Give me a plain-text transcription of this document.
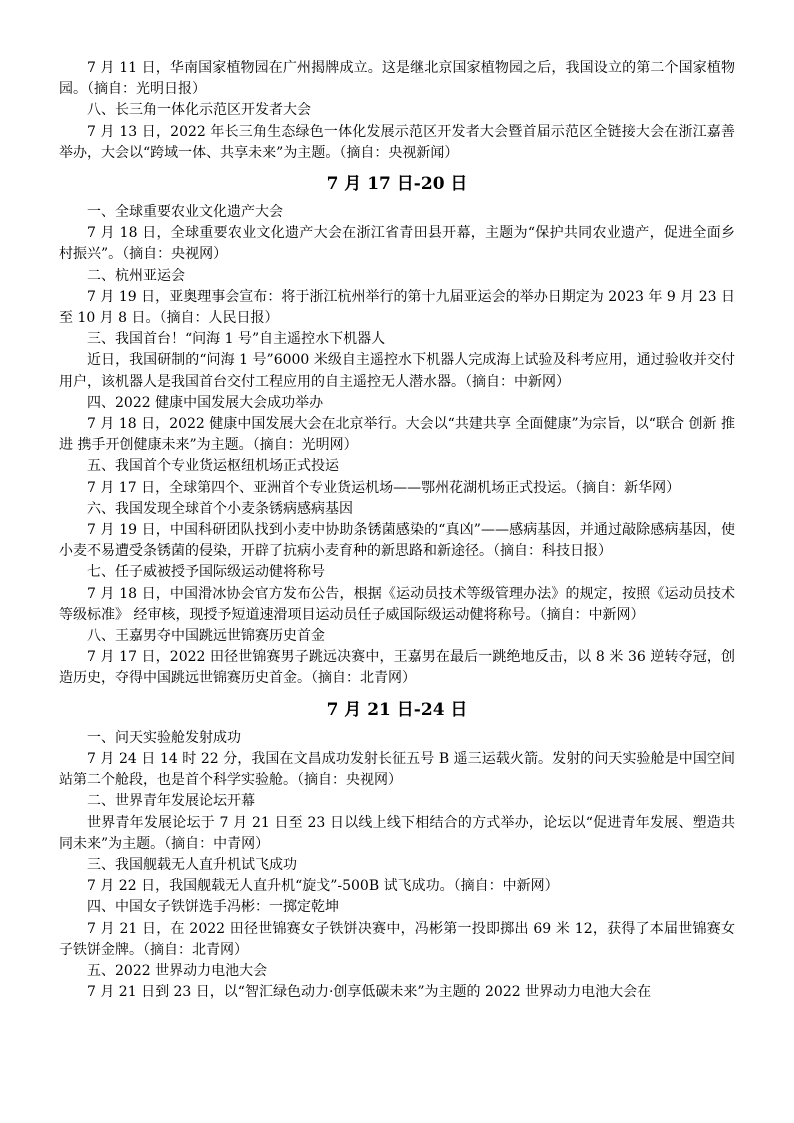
7 月 11 日，华南国家植物园在广州揭牌成立。这是继北京国家植物园之后，我国设立的第二个国家植物园。（摘自：光明日报）

八、长三角一体化示范区开发者大会

7 月 13 日，2022 年长三角生态绿色一体化发展示范区开发者大会暨首届示范区全链接大会在浙江嘉善举办，大会以“跨域一体、共享未来”为主题。（摘自：央视新闻）

7 月 17 日-20 日

一、全球重要农业文化遗产大会

7 月 18 日，全球重要农业文化遗产大会在浙江省青田县开幕，主题为“保护共同农业遗产，促进全面乡村振兴”。（摘自：央视网）

二、杭州亚运会

7 月 19 日，亚奥理事会宣布：将于浙江杭州举行的第十九届亚运会的举办日期定为 2023 年 9 月 23 日至 10 月 8 日。（摘自：人民日报）

三、我国首台！“问海 1 号”自主遥控水下机器人

近日，我国研制的“问海 1 号”6000 米级自主遥控水下机器人完成海上试验及科考应用，通过验收并交付用户，该机器人是我国首台交付工程应用的自主遥控无人潜水器。（摘自：中新网）

四、2022 健康中国发展大会成功举办

7 月 18 日，2022 健康中国发展大会在北京举行。大会以“共建共享 全面健康”为宗旨，以“联合 创新 推进 携手开创健康未来”为主题。（摘自：光明网）

五、我国首个专业货运枢纽机场正式投运

7 月 17 日，全球第四个、亚洲首个专业货运机场——鄂州花湖机场正式投运。（摘自：新华网）

六、我国发现全球首个小麦条锈病感病基因

7 月 19 日，中国科研团队找到小麦中协助条锈菌感染的“真凶”——感病基因，并通过敲除感病基因，使小麦不易遭受条锈菌的侵染，开辟了抗病小麦育种的新思路和新途径。（摘自：科技日报）

七、任子威被授予国际级运动健将称号

7 月 18 日，中国滑冰协会官方发布公告，根据《运动员技术等级管理办法》的规定，按照《运动员技术等级标准》 经审核，现授予短道速滑项目运动员任子威国际级运动健将称号。（摘自：中新网）

八、王嘉男夺中国跳远世锦赛历史首金

7 月 17 日，2022 田径世锦赛男子跳远决赛中，王嘉男在最后一跳绝地反击，以 8 米 36 逆转夺冠，创造历史，夺得中国跳远世锦赛历史首金。（摘自：北青网）

7 月 21 日-24 日

一、问天实验舱发射成功

7 月 24 日 14 时 22 分，我国在文昌成功发射长征五号 B 遥三运载火箭。发射的问天实验舱是中国空间站第二个舱段，也是首个科学实验舱。（摘自：央视网）

二、世界青年发展论坛开幕

世界青年发展论坛于 7 月 21 日至 23 日以线上线下相结合的方式举办，论坛以“促进青年发展、塑造共同未来”为主题。（摘自：中青网）

三、我国舰载无人直升机试飞成功

7 月 22 日，我国舰载无人直升机“旋戈”-500B 试飞成功。（摘自：中新网）

四、中国女子铁饼选手冯彬：一掷定乾坤

7 月 21 日，在 2022 田径世锦赛女子铁饼决赛中，冯彬第一投即掷出 69 米 12，获得了本届世锦赛女子铁饼金牌。（摘自：北青网）

五、2022 世界动力电池大会

7 月 21 日到 23 日，以“智汇绿色动力·创享低碳未来”为主题的 2022 世界动力电池大会在
